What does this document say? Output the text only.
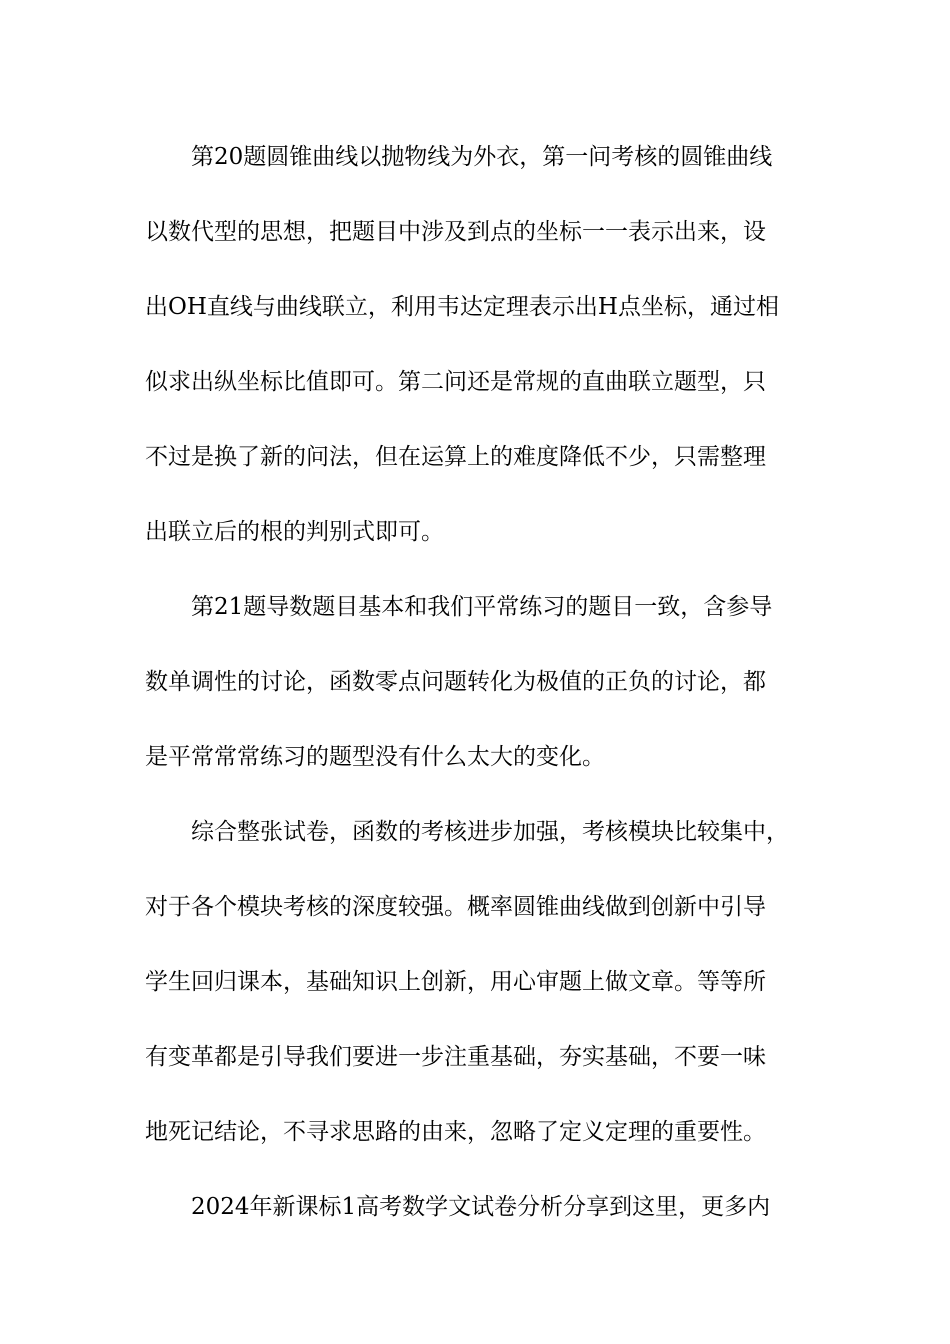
第20题圆锥曲线以抛物线为外衣，第一问考核的圆锥曲线
以数代型的思想，把题目中涉及到点的坐标一一表示出来，设
出OH直线与曲线联立，利用韦达定理表示出H点坐标，通过相
似求出纵坐标比值即可。第二问还是常规的直曲联立题型，只
不过是换了新的问法，但在运算上的难度降低不少，只需整理
出联立后的根的判别式即可。
第21题导数题目基本和我们平常练习的题目一致，含参导
数单调性的讨论，函数零点问题转化为极值的正负的讨论，都
是平常常常练习的题型没有什么太大的变化。
综合整张试卷，函数的考核进步加强，考核模块比较集中，
对于各个模块考核的深度较强。概率圆锥曲线做到创新中引导
学生回归课本，基础知识上创新，用心审题上做文章。等等所
有变革都是引导我们要进一步注重基础，夯实基础，不要一味
地死记结论，不寻求思路的由来，忽略了定义定理的重要性。
2024年新课标1高考数学文试卷分析分享到这里，更多内
